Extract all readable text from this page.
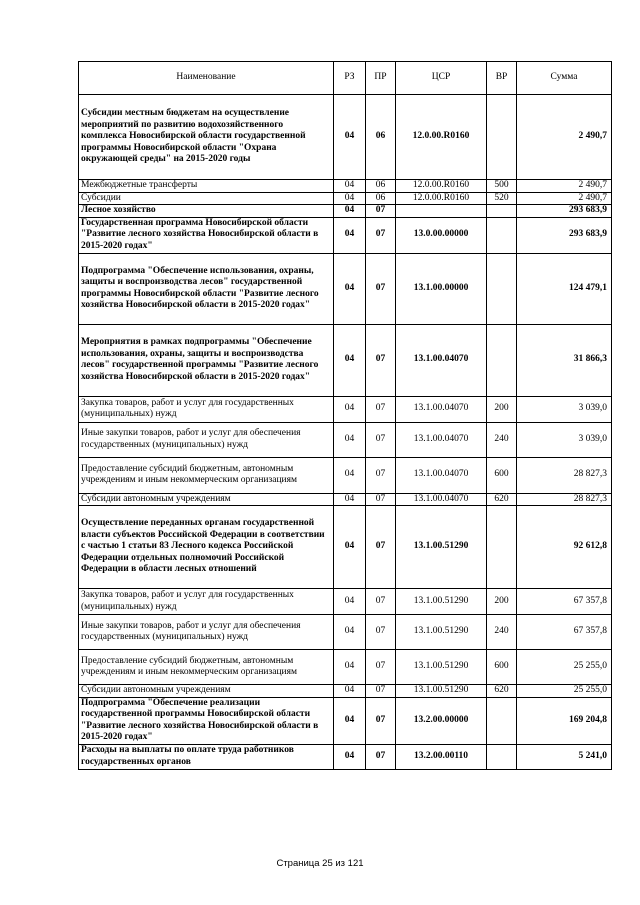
Наименование	РЗ	ПР	ЦСР	ВР	Сумма
Субсидии местным бюджетам на осуществление мероприятий по развитию водохозяйственного комплекса Новосибирской области государственной программы Новосибирской области "Охрана окружающей среды" на 2015-2020 годы	04	06	12.0.00.R0160		2 490,7
Межбюджетные трансферты	04	06	12.0.00.R0160	500	2 490,7
Субсидии	04	06	12.0.00.R0160	520	2 490,7
Лесное хозяйство	04	07			293 683,9
Государственная программа Новосибирской области "Развитие лесного хозяйства Новосибирской области в 2015-2020 годах"	04	07	13.0.00.00000		293 683,9
Подпрограмма "Обеспечение использования, охраны, защиты и воспроизводства лесов" государственной программы Новосибирской области "Развитие лесного хозяйства Новосибирской области в 2015-2020 годах"	04	07	13.1.00.00000		124 479,1
Мероприятия в рамках подпрограммы "Обеспечение использования, охраны, защиты и воспроизводства лесов" государственной программы "Развитие лесного хозяйства Новосибирской области в 2015-2020 годах"	04	07	13.1.00.04070		31 866,3
Закупка товаров, работ и услуг для государственных (муниципальных) нужд	04	07	13.1.00.04070	200	3 039,0
Иные закупки товаров, работ и услуг для обеспечения государственных (муниципальных) нужд	04	07	13.1.00.04070	240	3 039,0
Предоставление субсидий бюджетным, автономным учреждениям и иным некоммерческим организациям	04	07	13.1.00.04070	600	28 827,3
Субсидии автономным учреждениям	04	07	13.1.00.04070	620	28 827,3
Осуществление переданных органам государственной власти субъектов Российской Федерации в соответствии с частью 1 статьи 83 Лесного кодекса Российской Федерации отдельных полномочий Российской Федерации в области лесных отношений	04	07	13.1.00.51290		92 612,8
Закупка товаров, работ и услуг для государственных (муниципальных) нужд	04	07	13.1.00.51290	200	67 357,8
Иные закупки товаров, работ и услуг для обеспечения государственных (муниципальных) нужд	04	07	13.1.00.51290	240	67 357,8
Предоставление субсидий бюджетным, автономным учреждениям и иным некоммерческим организациям	04	07	13.1.00.51290	600	25 255,0
Субсидии автономным учреждениям	04	07	13.1.00.51290	620	25 255,0
Подпрограмма "Обеспечение реализации государственной программы Новосибирской области "Развитие лесного хозяйства Новосибирской области в 2015-2020 годах"	04	07	13.2.00.00000		169 204,8
Расходы на выплаты по оплате труда работников государственных органов	04	07	13.2.00.00110		5 241,0
Страница 25 из 121
